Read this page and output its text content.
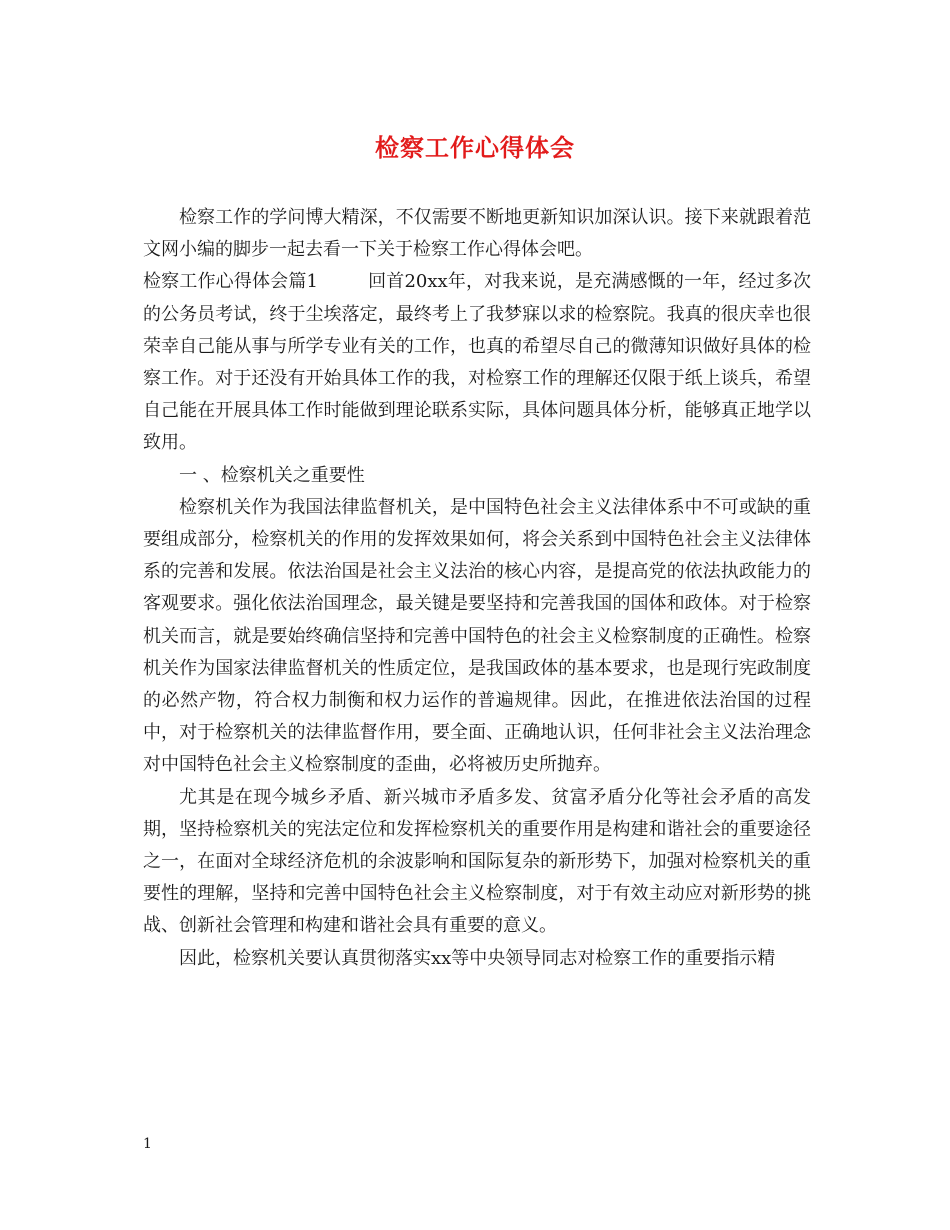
检察工作心得体会

检察工作的学问博大精深，不仅需要不断地更新知识加深认识。接下来就跟着范文网小编的脚步一起去看一下关于检察工作心得体会吧。

检察工作心得体会篇1	回首20xx年，对我来说，是充满感慨的一年，经过多次的公务员考试，终于尘埃落定，最终考上了我梦寐以求的检察院。我真的很庆幸也很荣幸自己能从事与所学专业有关的工作，也真的希望尽自己的微薄知识做好具体的检察工作。对于还没有开始具体工作的我，对检察工作的理解还仅限于纸上谈兵，希望自己能在开展具体工作时能做到理论联系实际，具体问题具体分析，能够真正地学以致用。

一 、检察机关之重要性

检察机关作为我国法律监督机关，是中国特色社会主义法律体系中不可或缺的重要组成部分，检察机关的作用的发挥效果如何，将会关系到中国特色社会主义法律体系的完善和发展。依法治国是社会主义法治的核心内容，是提高党的依法执政能力的客观要求。强化依法治国理念，最关键是要坚持和完善我国的国体和政体。对于检察机关而言，就是要始终确信坚持和完善中国特色的社会主义检察制度的正确性。检察机关作为国家法律监督机关的性质定位，是我国政体的基本要求，也是现行宪政制度的必然产物，符合权力制衡和权力运作的普遍规律。因此，在推进依法治国的过程中，对于检察机关的法律监督作用，要全面、正确地认识，任何非社会主义法治理念对中国特色社会主义检察制度的歪曲，必将被历史所抛弃。

尤其是在现今城乡矛盾、新兴城市矛盾多发、贫富矛盾分化等社会矛盾的高发期，坚持检察机关的宪法定位和发挥检察机关的重要作用是构建和谐社会的重要途径之一，在面对全球经济危机的余波影响和国际复杂的新形势下，加强对检察机关的重要性的理解，坚持和完善中国特色社会主义检察制度，对于有效主动应对新形势的挑战、创新社会管理和构建和谐社会具有重要的意义。

因此，检察机关要认真贯彻落实xx等中央领导同志对检察工作的重要指示精

1
